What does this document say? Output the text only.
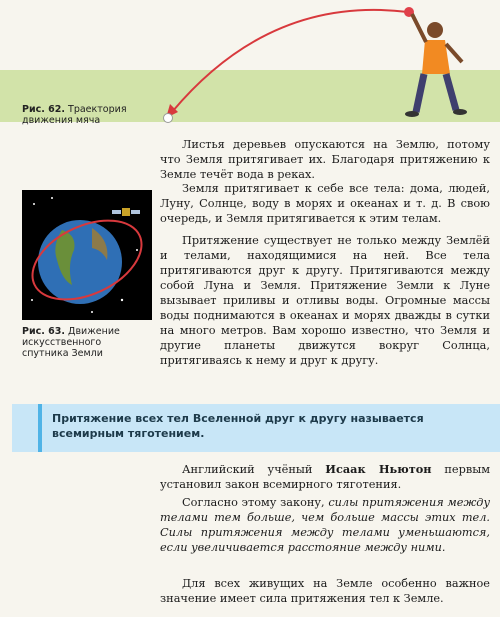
Рис. 62. Траектория движения мяча
Рис. 63. Движение искусственного спутника Земли

Листья деревьев опускаются на Землю, потому что Земля притягивает их. Благодаря притяжению к Земле течёт вода в реках.

Земля притягивает к себе все тела: дома, людей, Луну, Солнце, воду в морях и океанах и т. д. В свою очередь, и Земля притягивается к этим телам.

Притяжение существует не только между Землёй и телами, находящимися на ней. Все тела притягиваются друг к другу. Притягиваются между собой Луна и Земля. Притяжение Земли к Луне вызывает приливы и отливы воды. Огромные массы воды поднимаются в океанах и морях дважды в сутки на много метров. Вам хорошо известно, что Земля и другие планеты движутся вокруг Солнца, притягиваясь к нему и друг к другу.

Притяжение всех тел Вселенной друг к другу называется всемирным тяготением.

Английский учёный Исаак Ньютон первым установил закон всемирного тяготения.

Согласно этому закону, силы притяжения между телами тем больше, чем больше массы этих тел. Силы притяжения между телами уменьшаются, если увеличивается расстояние между ними.

Для всех живущих на Земле особенно важное значение имеет сила притяжения тел к Земле.
